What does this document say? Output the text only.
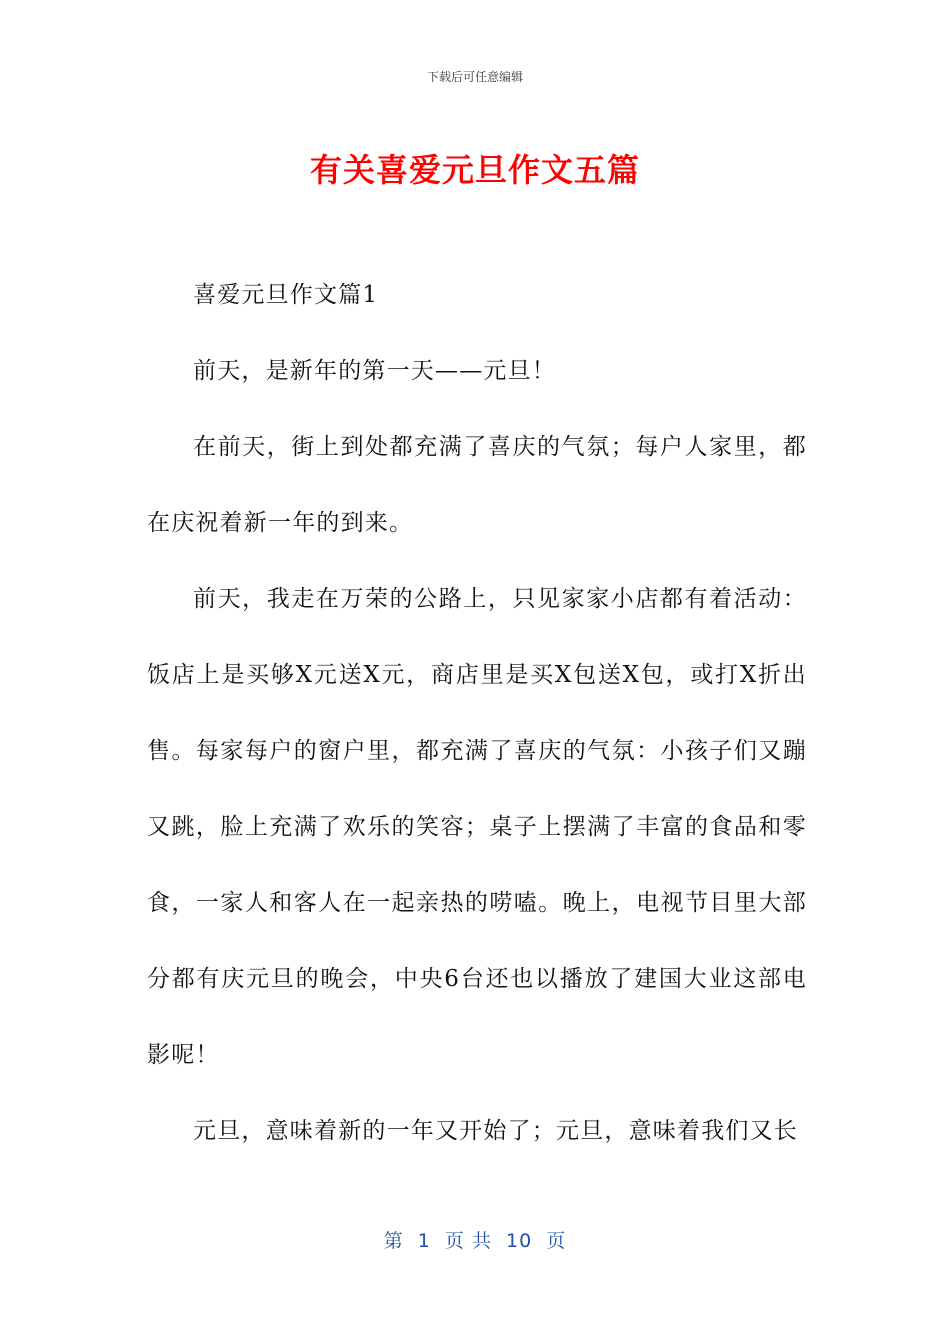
下载后可任意编辑
有关喜爱元旦作文五篇

喜爱元旦作文篇1

前天，是新年的第一天——元旦！

在前天，街上到处都充满了喜庆的气氛；每户人家里，都在庆祝着新一年的到来。

前天，我走在万荣的公路上，只见家家小店都有着活动：饭店上是买够X元送X元，商店里是买X包送X包，或打X折出售。每家每户的窗户里，都充满了喜庆的气氛：小孩子们又蹦又跳，脸上充满了欢乐的笑容；桌子上摆满了丰富的食品和零食，一家人和客人在一起亲热的唠嗑。晚上，电视节目里大部分都有庆元旦的晚会，中央6台还也以播放了建国大业这部电影呢！

元旦，意味着新的一年又开始了；元旦，意味着我们又长

第  1  页 共  10  页
